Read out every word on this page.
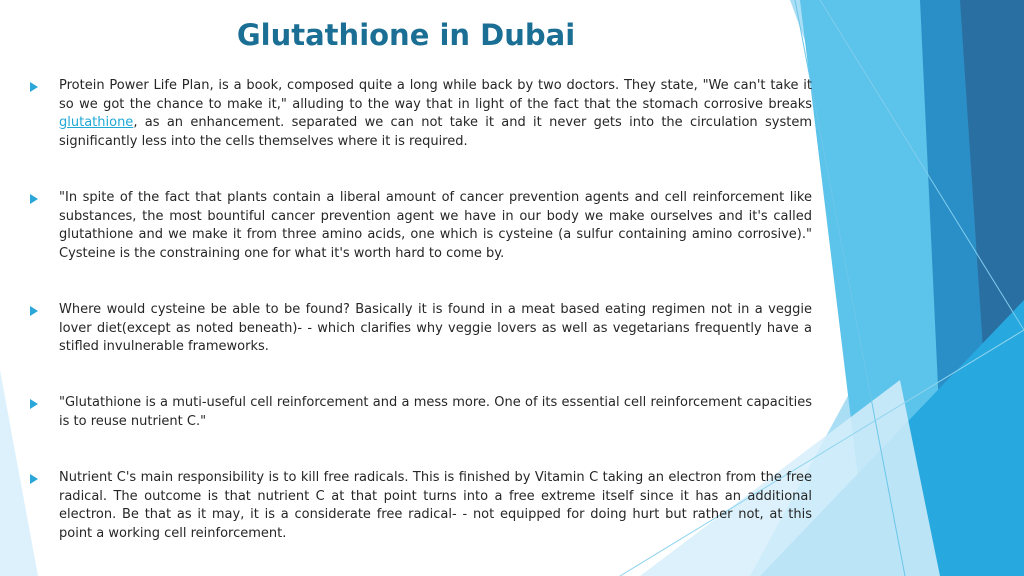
Glutathione in Dubai

Protein Power Life Plan, is a book, composed quite a long while back by two doctors. They state, "We can't take it so we got the chance to make it," alluding to the way that in light of the fact that the stomach corrosive breaks glutathione, as an enhancement. separated we can not take it and it never gets into the circulation system significantly less into the cells themselves where it is required.

"In spite of the fact that plants contain a liberal amount of cancer prevention agents and cell reinforcement like substances, the most bountiful cancer prevention agent we have in our body we make ourselves and it's called glutathione and we make it from three amino acids, one which is cysteine (a sulfur containing amino corrosive)." Cysteine is the constraining one for what it's worth hard to come by.

Where would cysteine be able to be found? Basically it is found in a meat based eating regimen not in a veggie lover diet(except as noted beneath)- - which clarifies why veggie lovers as well as vegetarians frequently have a stifled invulnerable frameworks.

"Glutathione is a muti-useful cell reinforcement and a mess more. One of its essential cell reinforcement capacities is to reuse nutrient C."

Nutrient C's main responsibility is to kill free radicals. This is finished by Vitamin C taking an electron from the free radical. The outcome is that nutrient C at that point turns into a free extreme itself since it has an additional electron. Be that as it may, it is a considerate free radical- - not equipped for doing hurt but rather not, at this point a working cell reinforcement.
